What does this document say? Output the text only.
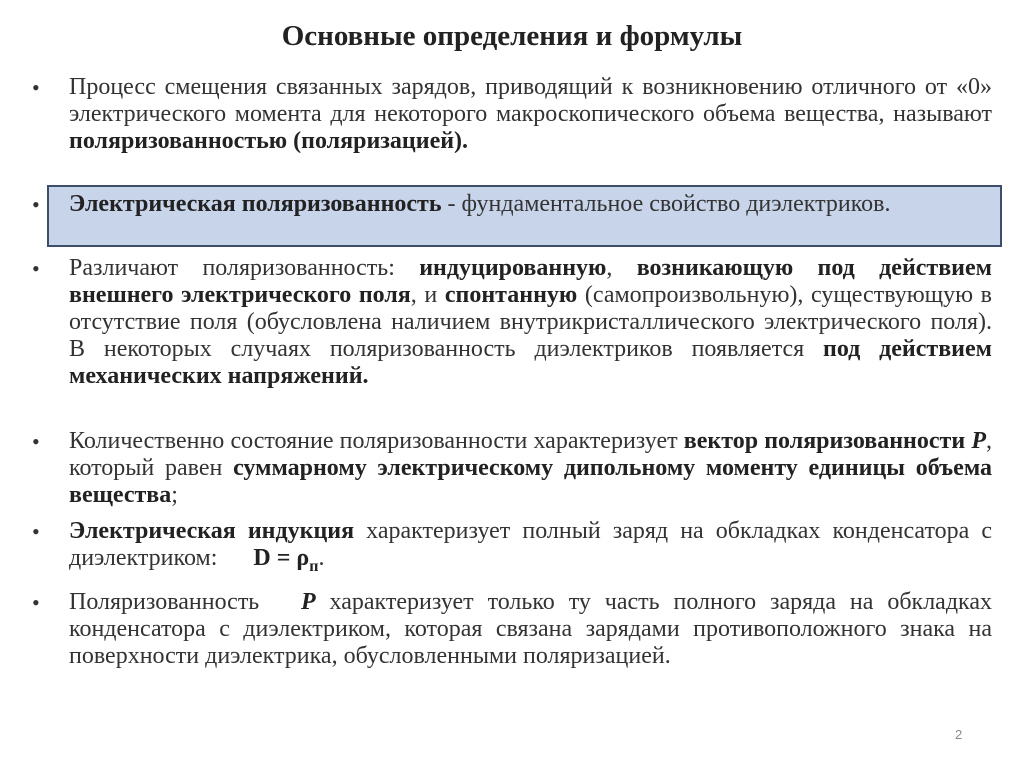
Основные определения и формулы
• Процесс смещения связанных зарядов, приводящий к возникновению отличного от «0» электрического момента для некоторого макроскопического объема вещества, называют поляризованностью (поляризацией).
• Электрическая поляризованность - фундаментальное свойство диэлектриков.
• Различают поляризованность: индуцированную, возникающую под действием внешнего электрического поля, и спонтанную (самопроизвольную), существующую в отсутствие поля (обусловлена наличием внутрикристаллического электрического поля). В некоторых случаях поляризованность диэлектриков появляется под действием механических напряжений.
• Количественно состояние поляризованности характеризует вектор поляризованности P, который равен суммарному электрическому дипольному моменту единицы объема вещества;
• Электрическая индукция характеризует полный заряд на обкладках конденсатора с диэлектриком:      $D = \rho_п$.
• Поляризованность   P характеризует только ту часть полного заряда на обкладках конденсатора с диэлектриком, которая связана зарядами противоположного знака на поверхности диэлектрика, обусловленными поляризацией.
2
